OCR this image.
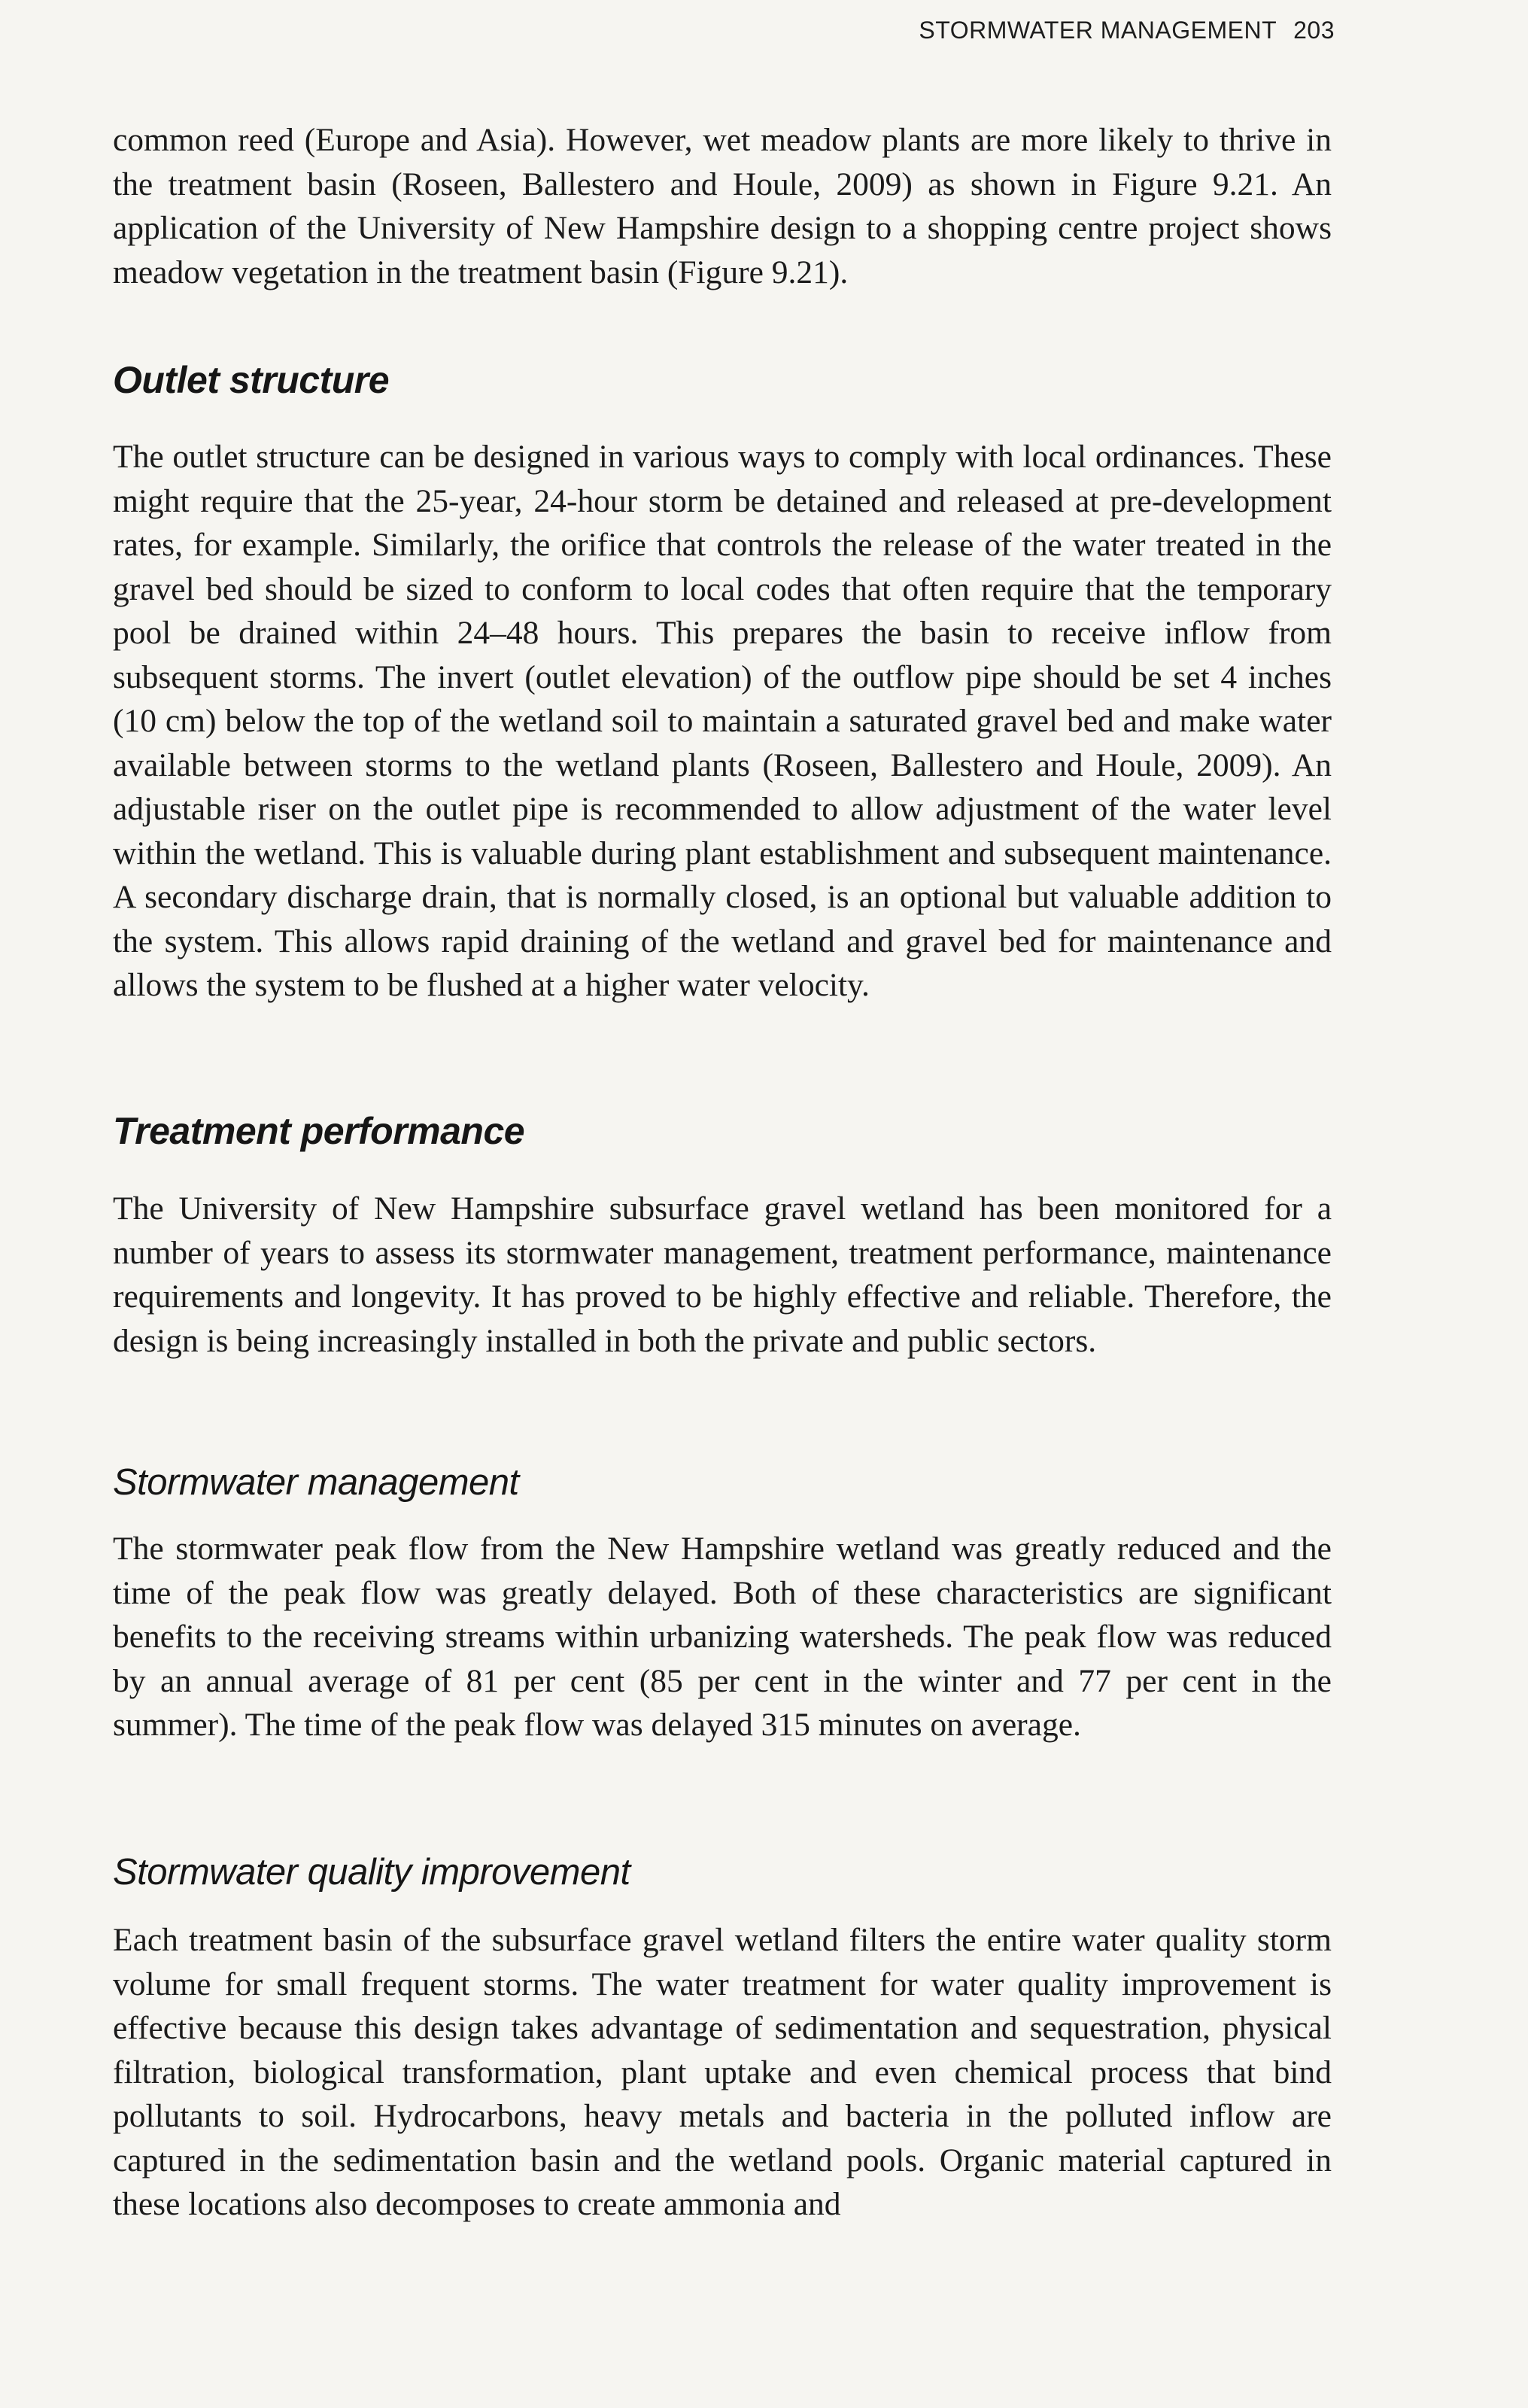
STORMWATER MANAGEMENT 203

common reed (Europe and Asia). However, wet meadow plants are more likely to thrive in the treatment basin (Roseen, Ballestero and Houle, 2009) as shown in Figure 9.21. An application of the University of New Hampshire design to a shopping centre project shows meadow vegetation in the treatment basin (Figure 9.21).

Outlet structure

The outlet structure can be designed in various ways to comply with local ordinances. These might require that the 25-year, 24-hour storm be detained and released at pre-development rates, for example. Similarly, the orifice that controls the release of the water treated in the gravel bed should be sized to conform to local codes that often require that the temporary pool be drained within 24–48 hours. This prepares the basin to receive inflow from subsequent storms. The invert (outlet elevation) of the outflow pipe should be set 4 inches (10 cm) below the top of the wetland soil to maintain a saturated gravel bed and make water available between storms to the wetland plants (Roseen, Ballestero and Houle, 2009). An adjustable riser on the outlet pipe is recommended to allow adjustment of the water level within the wetland. This is valuable during plant establishment and subsequent maintenance. A secondary discharge drain, that is normally closed, is an optional but valuable addition to the system. This allows rapid draining of the wetland and gravel bed for maintenance and allows the system to be flushed at a higher water velocity.

Treatment performance

The University of New Hampshire subsurface gravel wetland has been monitored for a number of years to assess its stormwater management, treatment performance, maintenance requirements and longevity. It has proved to be highly effective and reliable. Therefore, the design is being increasingly installed in both the private and public sectors.

Stormwater management

The stormwater peak flow from the New Hampshire wetland was greatly reduced and the time of the peak flow was greatly delayed. Both of these characteristics are significant benefits to the receiving streams within urbanizing watersheds. The peak flow was reduced by an annual average of 81 per cent (85 per cent in the winter and 77 per cent in the summer). The time of the peak flow was delayed 315 minutes on average.

Stormwater quality improvement

Each treatment basin of the subsurface gravel wetland filters the entire water quality storm volume for small frequent storms. The water treatment for water quality improvement is effective because this design takes advantage of sedimentation and sequestration, physical filtration, biological transformation, plant uptake and even chemical process that bind pollutants to soil. Hydrocarbons, heavy metals and bacteria in the polluted inflow are captured in the sedimentation basin and the wetland pools. Organic material captured in these locations also decomposes to create ammonia and
